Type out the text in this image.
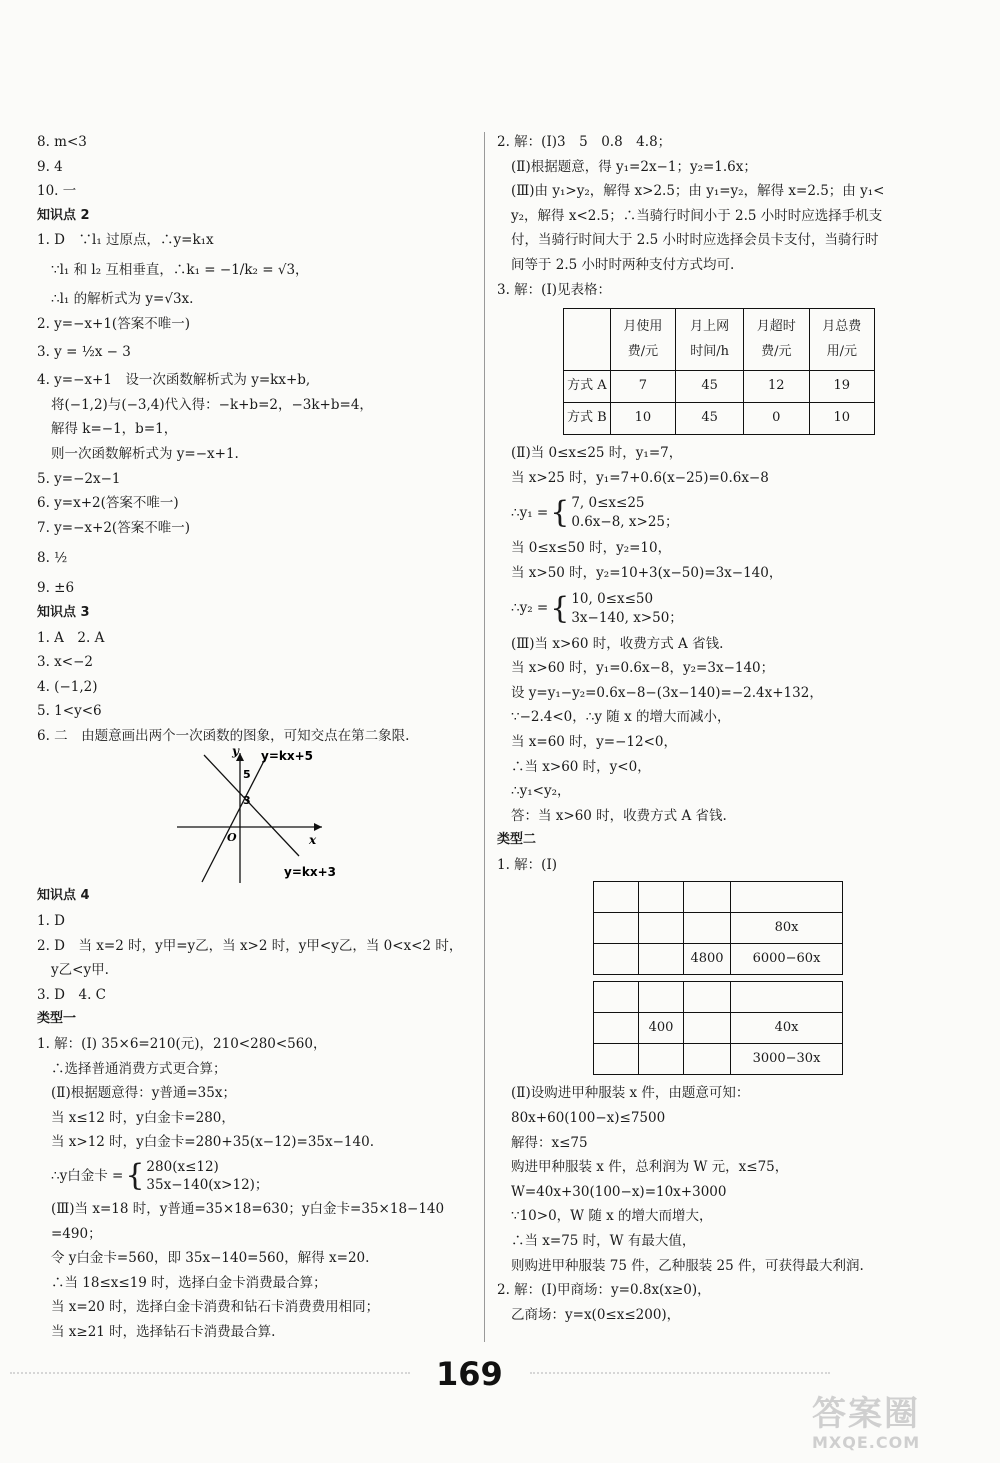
8. m<3
9. 4
10. 一
知识点 2
1. D　∵l₁ 过原点，∴y=k₁x
∵l₁ 和 l₂ 互相垂直，∴k₁ = −1/k₂ = √3，
∴l₁ 的解析式为 y=√3x.
2. y=−x+1(答案不唯一)
3. y = ½x − 3
4. y=−x+1　设一次函数解析式为 y=kx+b,
将(−1,2)与(−3,4)代入得：−k+b=2，−3k+b=4，
解得 k=−1，b=1，
则一次函数解析式为 y=−x+1.
5. y=−2x−1
6. y=x+2(答案不唯一)
7. y=−x+2(答案不唯一)
8. ½
9. ±6
知识点 3
1. A　2. A
3. x<−2
4. (−1,2)
5. 1<y<6
6. 二　由题意画出两个一次函数的图象，可知交点在第二象限.
y y=kx+5
5
3
O	x
y=kx+3
知识点 4
1. D
2. D　当 x=2 时，y甲=y乙，当 x>2 时，y甲<y乙，当 0<x<2 时，
y乙<y甲.
3. D　4. C
类型一
1. 解：(Ⅰ) 35×6=210(元)，210<280<560，
∴选择普通消费方式更合算；
(Ⅱ)根据题意得：y普通=35x；
当 x≤12 时，y白金卡=280，
当 x>12 时，y白金卡=280+35(x−12)=35x−140.
∴y白金卡 = { 280(x≤12)
35x−140(x>12)；
(Ⅲ)当 x=18 时，y普通=35×18=630；y白金卡=35×18−140
=490；
令 y白金卡=560，即 35x−140=560，解得 x=20.
∴当 18≤x≤19 时，选择白金卡消费最合算；
当 x=20 时，选择白金卡消费和钻石卡消费费用相同；
当 x≥21 时，选择钻石卡消费最合算.
2. 解：(Ⅰ)3　5　0.8　4.8；
(Ⅱ)根据题意，得 y₁=2x−1；y₂=1.6x；
(Ⅲ)由 y₁>y₂，解得 x>2.5；由 y₁=y₂，解得 x=2.5；由 y₁<
y₂，解得 x<2.5；∴当骑行时间小于 2.5 小时时应选择手机支
付，当骑行时间大于 2.5 小时时应选择会员卡支付，当骑行时
间等于 2.5 小时时两种支付方式均可.
3. 解：(Ⅰ)见表格：
	月使用费/元	月上网时间/h	月超时费/元	月总费用/元
方式 A	7	45	12	19
方式 B	10	45	0	10
(Ⅱ)当 0≤x≤25 时，y₁=7，
当 x>25 时，y₁=7+0.6(x−25)=0.6x−8
∴y₁ = { 7, 0≤x≤25
0.6x−8, x>25；
当 0≤x≤50 时，y₂=10，
当 x>50 时，y₂=10+3(x−50)=3x−140，
∴y₂ = { 10, 0≤x≤50
3x−140, x>50；
(Ⅲ)当 x>60 时，收费方式 A 省钱.
当 x>60 时，y₁=0.6x−8，y₂=3x−140；
设 y=y₁−y₂=0.6x−8−(3x−140)=−2.4x+132，
∵−2.4<0，∴y 随 x 的增大而减小，
当 x=60 时，y=−12<0，
∴当 x>60 时，y<0，
∴y₁<y₂，
答：当 x>60 时，收费方式 A 省钱.
类型二
1. 解：(Ⅰ)

			80x
		4800	6000−60x

	400		40x
			3000−30x
(Ⅱ)设购进甲种服装 x 件，由题意可知：
80x+60(100−x)≤7500
解得：x≤75
购进甲种服装 x 件，总利润为 W 元，x≤75，
W=40x+30(100−x)=10x+3000
∵10>0，W 随 x 的增大而增大，
∴当 x=75 时，W 有最大值，
则购进甲种服装 75 件，乙种服装 25 件，可获得最大利润.
2. 解：(Ⅰ)甲商场：y=0.8x(x≥0)，
乙商场：y=x(0≤x≤200)，
169
答案圈
MXQE.COM
